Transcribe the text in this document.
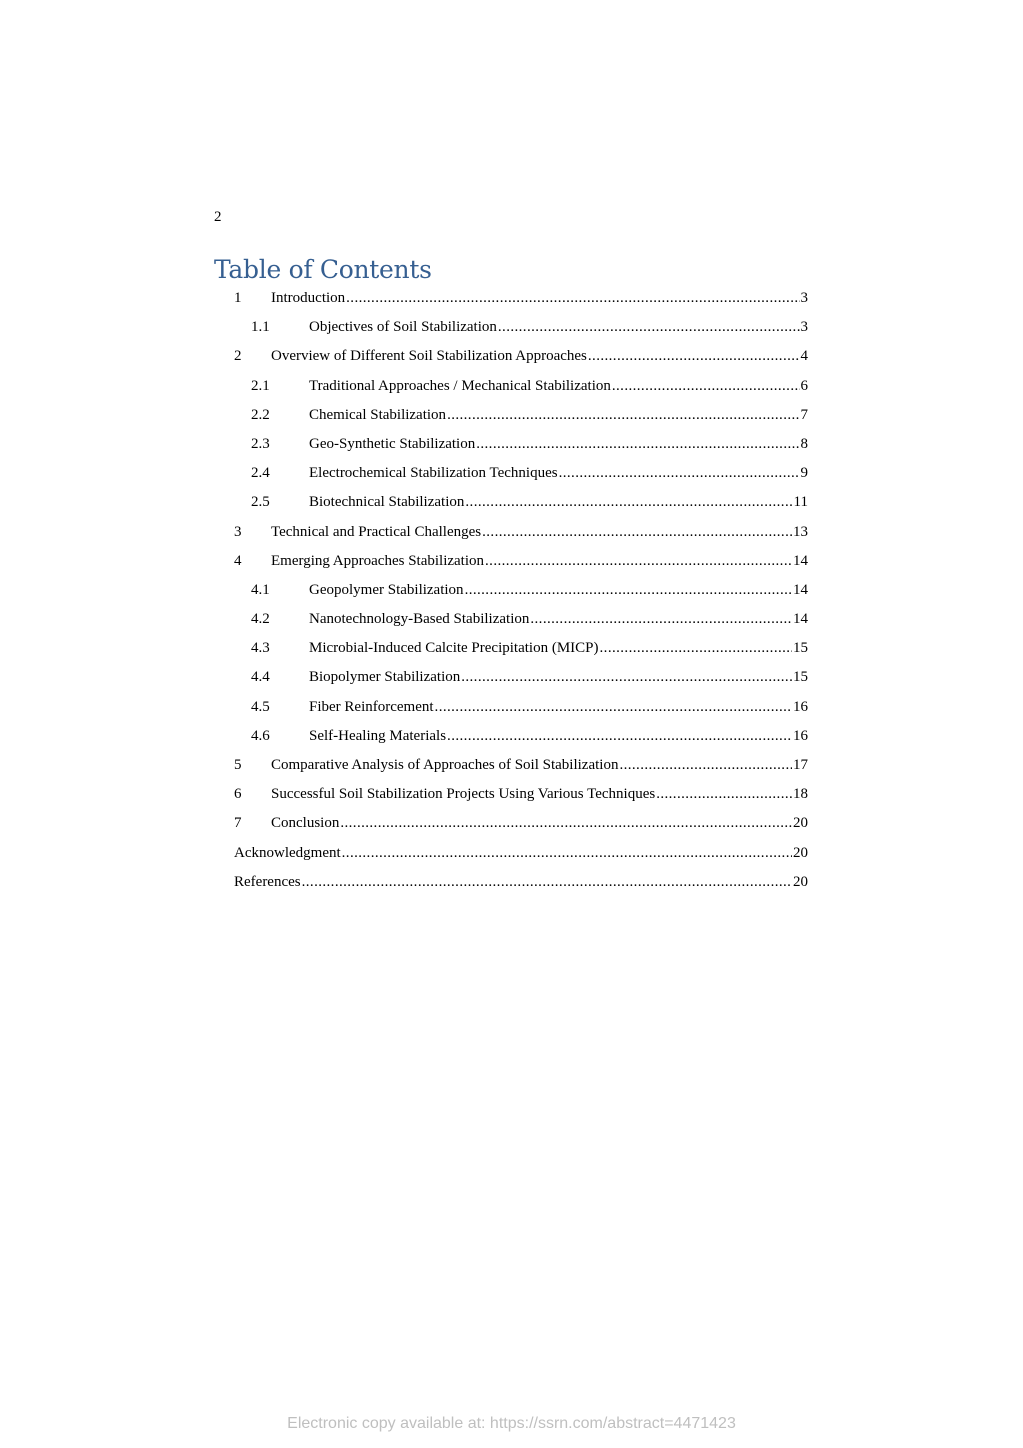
2
Table of Contents
1	Introduction .....	3
1.1	Objectives of Soil Stabilization .....	3
2	Overview of Different Soil Stabilization Approaches .....	4
2.1	Traditional Approaches / Mechanical Stabilization .....	6
2.2	Chemical Stabilization .....	7
2.3	Geo-Synthetic Stabilization .....	8
2.4	Electrochemical Stabilization Techniques .....	9
2.5	Biotechnical Stabilization .....	11
3	Technical and Practical Challenges .....	13
4	Emerging Approaches Stabilization .....	14
4.1	Geopolymer Stabilization .....	14
4.2	Nanotechnology-Based Stabilization .....	14
4.3	Microbial-Induced Calcite Precipitation (MICP) .....	15
4.4	Biopolymer Stabilization .....	15
4.5	Fiber Reinforcement .....	16
4.6	Self-Healing Materials .....	16
5	Comparative Analysis of Approaches of Soil Stabilization .....	17
6	Successful Soil Stabilization Projects Using Various Techniques .....	18
7	Conclusion .....	20
Acknowledgment .....	20
References .....	20
Electronic copy available at: https://ssrn.com/abstract=4471423
